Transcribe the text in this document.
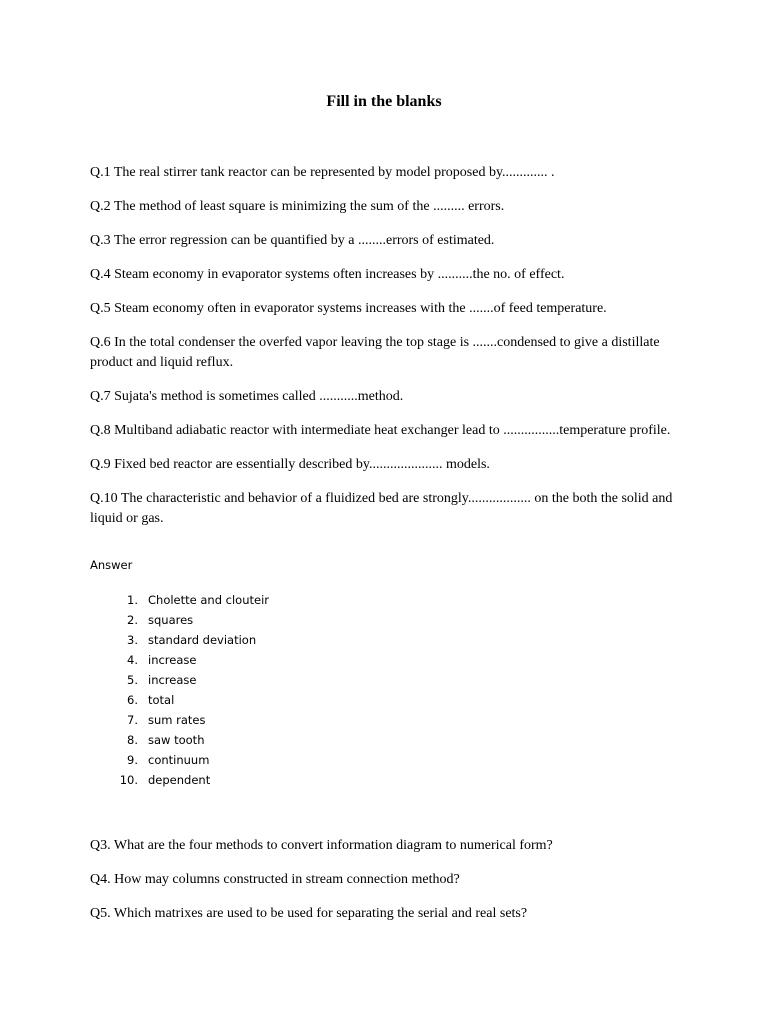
Fill in the blanks

Q.1 The real stirrer tank reactor can be represented by model proposed by............. .

Q.2 The method of least square is minimizing the sum of the ......... errors.

Q.3 The error regression can be quantified by a ........errors of estimated.

Q.4 Steam economy in evaporator systems often increases by ..........the no. of effect.

Q.5 Steam economy often in evaporator systems increases with the .......of feed temperature.

Q.6 In the total condenser the overfed vapor leaving the top stage is .......condensed to give a distillate product and liquid reflux.

Q.7 Sujata's method is sometimes called ...........method.

Q.8 Multiband adiabatic reactor with intermediate heat exchanger lead to ................temperature profile.

Q.9 Fixed bed reactor are essentially described by..................... models.

Q.10 The characteristic and behavior of a fluidized bed are strongly.................. on the both the solid and liquid or gas.

Answer
1. Cholette and clouteir
2. squares
3. standard deviation
4. increase
5. increase
6. total
7. sum rates
8. saw tooth
9. continuum
10. dependent

Q3. What are the four methods to convert information diagram to numerical form?

Q4. How may columns constructed in stream connection method?

Q5. Which matrixes are used to be used for separating the serial and real sets?
